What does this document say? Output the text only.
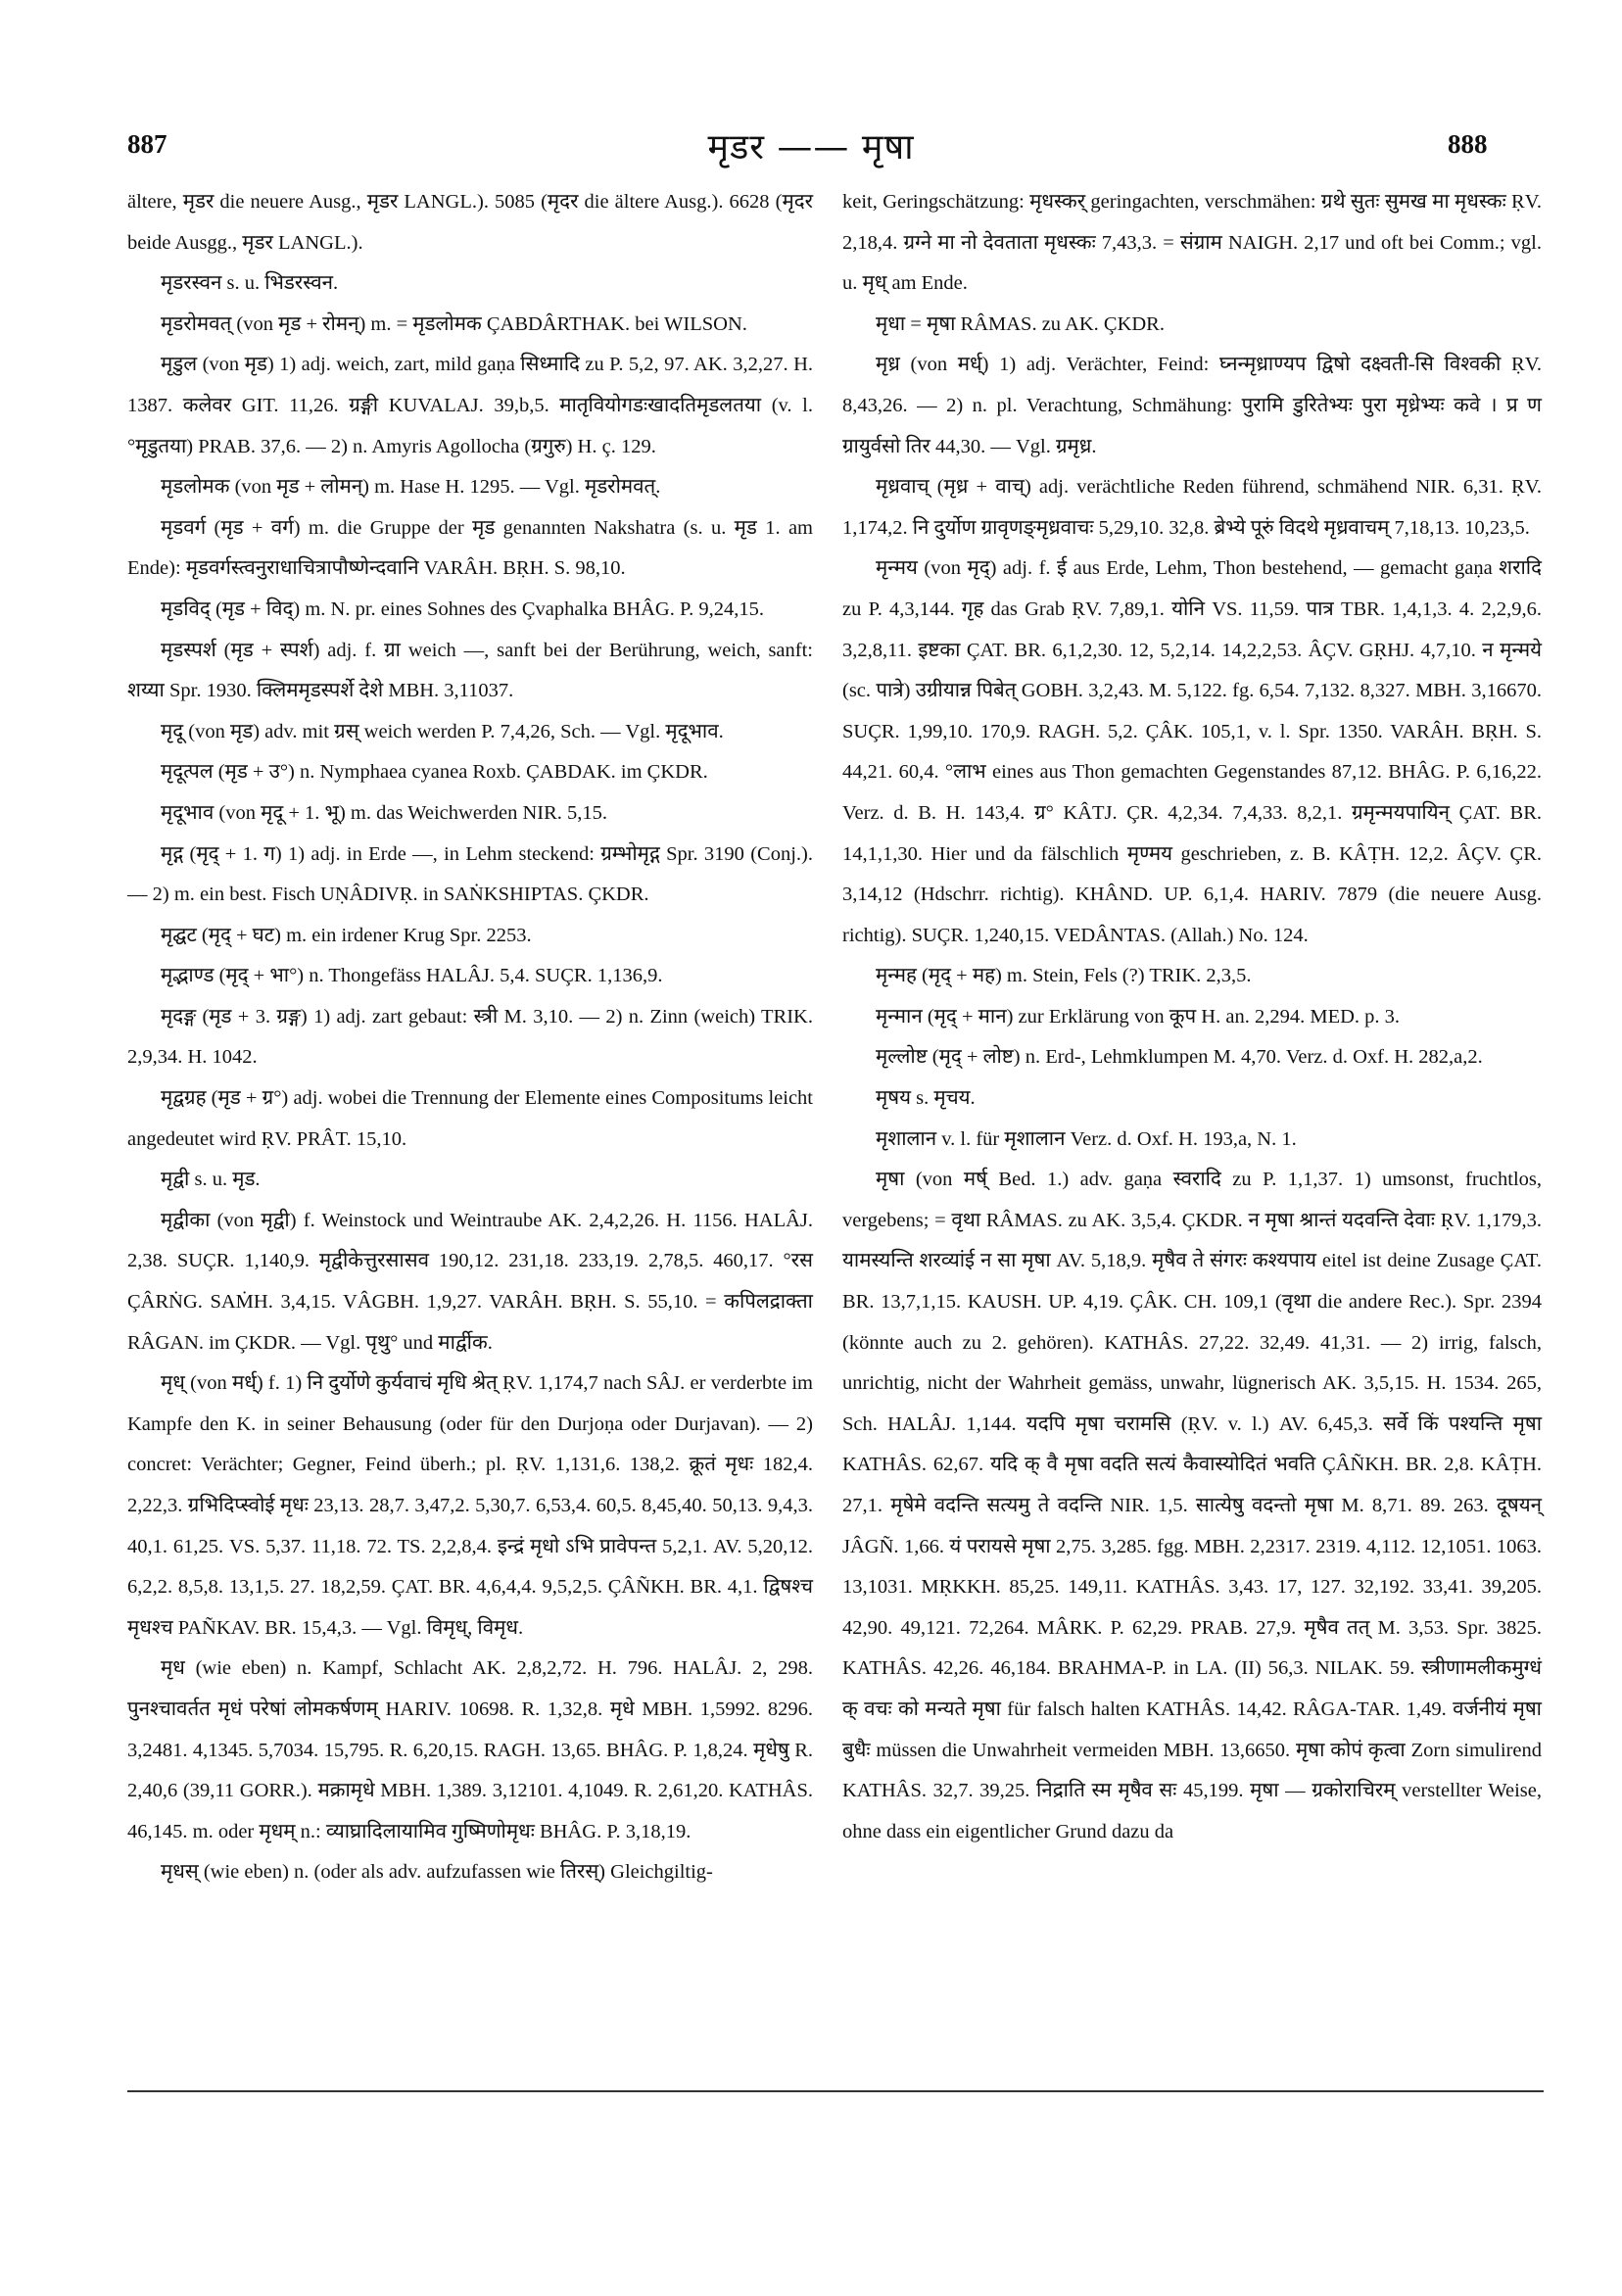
887	मृडर —— मृषा	888

ältere, मृडर die neuere Ausg., मृडर LANGL.). 5085 (मृदर die ältere Ausg.). 6628 (मृदर beide Ausgg., मृडर LANGL.).

मृडरस्वन s. u. भिडरस्वन.

मृडरोमवत् (von मृड + रोमन्) m. = मृडलोमक ÇABDÂRTHAK. bei WILSON.

मृडुल (von मृड) 1) adj. weich, zart, mild gaṇa सिध्मादि zu P. 5,2, 97. AK. 3,2,27. H. 1387. कलेवर GIT. 11,26. ग्रङ्गी KUVALAJ. 39,b,5. मातृवियोगडःखादतिमृडलतया (v. l. °मृडुतया) PRAB. 37,6. — 2) n. Amyris Agollocha (ग्रगुरु) H. ç. 129.

मृडलोमक (von मृड + लोमन्) m. Hase H. 1295. — Vgl. मृडरोमवत्.

मृडवर्ग (मृड + वर्ग) m. die Gruppe der मृड genannten Nakshatra (s. u. मृड 1. am Ende): मृडवर्गस्त्वनुराधाचित्रापौष्णेन्दवानि VARÂH. BṚH. S. 98,10.

मृडविद् (मृड + विद्) m. N. pr. eines Sohnes des Çvaphalka BHÂG. P. 9,24,15.

मृडस्पर्श (मृड + स्पर्श) adj. f. ग्रा weich —, sanft bei der Berührung, weich, sanft: शय्या Spr. 1930. क्लिममृडस्पर्शे देशे MBH. 3,11037.

मृदू (von मृड) adv. mit ग्रस् weich werden P. 7,4,26, Sch. — Vgl. मृदूभाव.

मृदूत्पल (मृड + उ°) n. Nymphaea cyanea Roxb. ÇABDAK. im ÇKDR.

मृदूभाव (von मृदू + 1. भू) m. das Weichwerden NIR. 5,15.

मृद्ग (मृद् + 1. ग) 1) adj. in Erde —, in Lehm steckend: ग्रम्भोमृद्ग Spr. 3190 (Conj.). — 2) m. ein best. Fisch UṆÂDIVṚ. in SAṄKSHIPTAS. ÇKDR.

मृद्घट (मृद् + घट) m. ein irdener Krug Spr. 2253.

मृद्भाण्ड (मृद् + भा°) n. Thongefäss HALÂJ. 5,4. SUÇR. 1,136,9.

मृदङ्ग (मृड + 3. ग्रङ्ग) 1) adj. zart gebaut: स्त्री M. 3,10. — 2) n. Zinn (weich) TRIK. 2,9,34. H. 1042.

मृद्वग्रह (मृड + ग्र°) adj. wobei die Trennung der Elemente eines Compositums leicht angedeutet wird ṚV. PRÂT. 15,10.

मृद्वी s. u. मृड.

मृद्वीका (von मृद्वी) f. Weinstock und Weintraube AK. 2,4,2,26. H. 1156. HALÂJ. 2,38. SUÇR. 1,140,9. मृद्वीकेत्तुरसासव 190,12. 231,18. 233,19. 2,78,5. 460,17. °रस ÇÂRṄG. SAṀH. 3,4,15. VÂGBH. 1,9,27. VARÂH. BṚH. S. 55,10. = कपिलद्राक्ता RÂGAN. im ÇKDR. — Vgl. पृथु° und मार्द्वीक.

मृध् (von मर्ध्) f. 1) नि दुर्योणे कुर्यवाचं मृधि श्रेत् ṚV. 1,174,7 nach SÂJ. er verderbte im Kampfe den K. in seiner Behausung (oder für den Durjoṇa oder Durjavan). — 2) concret: Verächter; Gegner, Feind überh.; pl. ṚV. 1,131,6. 138,2. क्रूतं मृधः 182,4. 2,22,3. ग्रभिदिप्स्वोई मृधः 23,13. 28,7. 3,47,2. 5,30,7. 6,53,4. 60,5. 8,45,40. 50,13. 9,4,3. 40,1. 61,25. VS. 5,37. 11,18. 72. TS. 2,2,8,4. इन्द्रं मृधो ऽभि प्रावेपन्त 5,2,1. AV. 5,20,12. 6,2,2. 8,5,8. 13,1,5. 27. 18,2,59. ÇAT. BR. 4,6,4,4. 9,5,2,5. ÇÂÑKH. BR. 4,1. द्विषश्च मृधश्च PAÑKAV. BR. 15,4,3. — Vgl. विमृध्, विमृध.

मृध (wie eben) n. Kampf, Schlacht AK. 2,8,2,72. H. 796. HALÂJ. 2, 298. पुनश्चावर्तत मृधं परेषां लोमकर्षणम् HARIV. 10698. R. 1,32,8. मृधे MBH. 1,5992. 8296. 3,2481. 4,1345. 5,7034. 15,795. R. 6,20,15. RAGH. 13,65. BHÂG. P. 1,8,24. मृधेषु R. 2,40,6 (39,11 GORR.). मक्रामृधे MBH. 1,389. 3,12101. 4,1049. R. 2,61,20. KATHÂS. 46,145. m. oder मृधम् n.: व्याघ्रादिलायामिव गुष्मिणोमृधः BHÂG. P. 3,18,19.

मृधस् (wie eben) n. (oder als adv. aufzufassen wie तिरस्) Gleichgiltig-

keit, Geringschätzung: मृधस्कर् geringachten, verschmähen: ग्रथे सुतः सुमख मा मृधस्कः ṚV. 2,18,4. ग्रग्ने मा नो देवताता मृधस्कः 7,43,3. = संग्राम NAIGH. 2,17 und oft bei Comm.; vgl. u. मृध् am Ende.

मृधा = मृषा RÂMAS. zu AK. ÇKDR.

मृध्र (von मर्ध्) 1) adj. Verächter, Feind: घ्नन्मृध्राण्यप द्विषो दक्ष्वती-सि विश्वकी ṚV. 8,43,26. — 2) n. pl. Verachtung, Schmähung: पुरामि डुरितेभ्यः पुरा मृध्रेभ्यः कवे । प्र ण ग्रायुर्वसो तिर 44,30. — Vgl. ग्रमृध्र.

मृध्रवाच् (मृध्र + वाच्) adj. verächtliche Reden führend, schmähend NIR. 6,31. ṚV. 1,174,2. नि दुर्योण ग्रावृणङ्मृध्रवाचः 5,29,10. 32,8. ब्रेभ्ये पूरुं विदथे मृध्रवाचम् 7,18,13. 10,23,5.

मृन्मय (von मृद्) adj. f. ई aus Erde, Lehm, Thon bestehend, — gemacht gaṇa शरादि zu P. 4,3,144. गृह das Grab ṚV. 7,89,1. योनि VS. 11,59. पात्र TBR. 1,4,1,3. 4. 2,2,9,6. 3,2,8,11. इष्टका ÇAT. BR. 6,1,2,30. 12, 5,2,14. 14,2,2,53. ÂÇV. GṚHJ. 4,7,10. न मृन्मये (sc. पात्रे) उग्रीयान्न पिबेत् GOBH. 3,2,43. M. 5,122. fg. 6,54. 7,132. 8,327. MBH. 3,16670. SUÇR. 1,99,10. 170,9. RAGH. 5,2. ÇÂK. 105,1, v. l. Spr. 1350. VARÂH. BṚH. S. 44,21. 60,4. °लाभ eines aus Thon gemachten Gegenstandes 87,12. BHÂG. P. 6,16,22. Verz. d. B. H. 143,4. ग्र° KÂTJ. ÇR. 4,2,34. 7,4,33. 8,2,1. ग्रमृन्मयपायिन् ÇAT. BR. 14,1,1,30. Hier und da fälschlich मृण्मय geschrieben, z. B. KÂṬH. 12,2. ÂÇV. ÇR. 3,14,12 (Hdschrr. richtig). KHÂND. UP. 6,1,4. HARIV. 7879 (die neuere Ausg. richtig). SUÇR. 1,240,15. VEDÂNTAS. (Allah.) No. 124.

मृन्मह (मृद् + मह) m. Stein, Fels (?) TRIK. 2,3,5.

मृन्मान (मृद् + मान) zur Erklärung von कूप H. an. 2,294. MED. p. 3.

मृल्लोष्ट (मृद् + लोष्ट) n. Erd-, Lehmklumpen M. 4,70. Verz. d. Oxf. H. 282,a,2.

मृषय s. मृचय.

मृशालान v. l. für मृशालान Verz. d. Oxf. H. 193,a, N. 1.

मृषा (von मर्ष् Bed. 1.) adv. gaṇa स्वरादि zu P. 1,1,37. 1) umsonst, fruchtlos, vergebens; = वृथा RÂMAS. zu AK. 3,5,4. ÇKDR. न मृषा श्रान्तं यदवन्ति देवाः ṚV. 1,179,3. यामस्यन्ति शरव्यांई न सा मृषा AV. 5,18,9. मृषैव ते संगरः कश्यपाय eitel ist deine Zusage ÇAT. BR. 13,7,1,15. KAUSH. UP. 4,19. ÇÂK. CH. 109,1 (वृथा die andere Rec.). Spr. 2394 (könnte auch zu 2. gehören). KATHÂS. 27,22. 32,49. 41,31. — 2) irrig, falsch, unrichtig, nicht der Wahrheit gemäss, unwahr, lügnerisch AK. 3,5,15. H. 1534. 265, Sch. HALÂJ. 1,144. यदपि मृषा चरामसि (ṚV. v. l.) AV. 6,45,3. सर्वे किं पश्यन्ति मृषा KATHÂS. 62,67. यदि क् वै मृषा वदति सत्यं कैवास्योदितं भवति ÇÂÑKH. BR. 2,8. KÂṬH. 27,1. मृषेमे वदन्ति सत्यमु ते वदन्ति NIR. 1,5. सात्येषु वदन्तो मृषा M. 8,71. 89. 263. दूषयन् JÂGÑ. 1,66. यं परायसे मृषा 2,75. 3,285. fgg. MBH. 2,2317. 2319. 4,112. 12,1051. 1063. 13,1031. MṚKKH. 85,25. 149,11. KATHÂS. 3,43. 17, 127. 32,192. 33,41. 39,205. 42,90. 49,121. 72,264. MÂRK. P. 62,29. PRAB. 27,9. मृषैव तत् M. 3,53. Spr. 3825. KATHÂS. 42,26. 46,184. BRAHMA-P. in LA. (II) 56,3. NILAK. 59. स्त्रीणामलीकमुग्धं क् वचः को मन्यते मृषा für falsch halten KATHÂS. 14,42. RÂGA-TAR. 1,49. वर्जनीयं मृषा बुधैः müssen die Unwahrheit vermeiden MBH. 13,6650. मृषा कोपं कृत्वा Zorn simulirend KATHÂS. 32,7. 39,25. निद्राति स्म मृषैव सः 45,199. मृषा — ग्रकोराचिरम् verstellter Weise, ohne dass ein eigentlicher Grund dazu da
